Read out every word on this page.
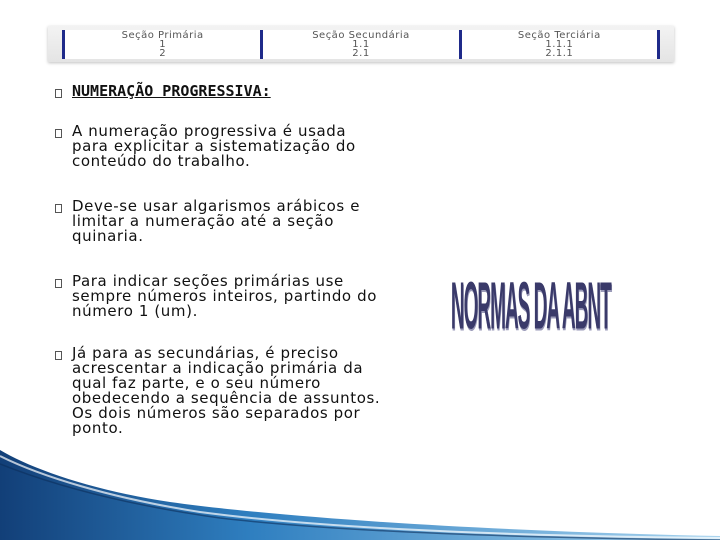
Seção Primária
1
2
Seção Secundária
1.1
2.1
Seção Terciária
1.1.1
2.1.1
NUMERAÇÃO PROGRESSIVA:
A numeração progressiva é usada para explicitar a sistematização do conteúdo do trabalho.
Deve-se usar algarismos arábicos e limitar a numeração até a seção quinaria.
Para indicar seções primárias use sempre números inteiros, partindo do número 1 (um).
Já para as secundárias, é preciso acrescentar a indicação primária da qual faz parte, e o seu número obedecendo a sequência de assuntos. Os dois números são separados por ponto.
NORMAS DA ABNT
